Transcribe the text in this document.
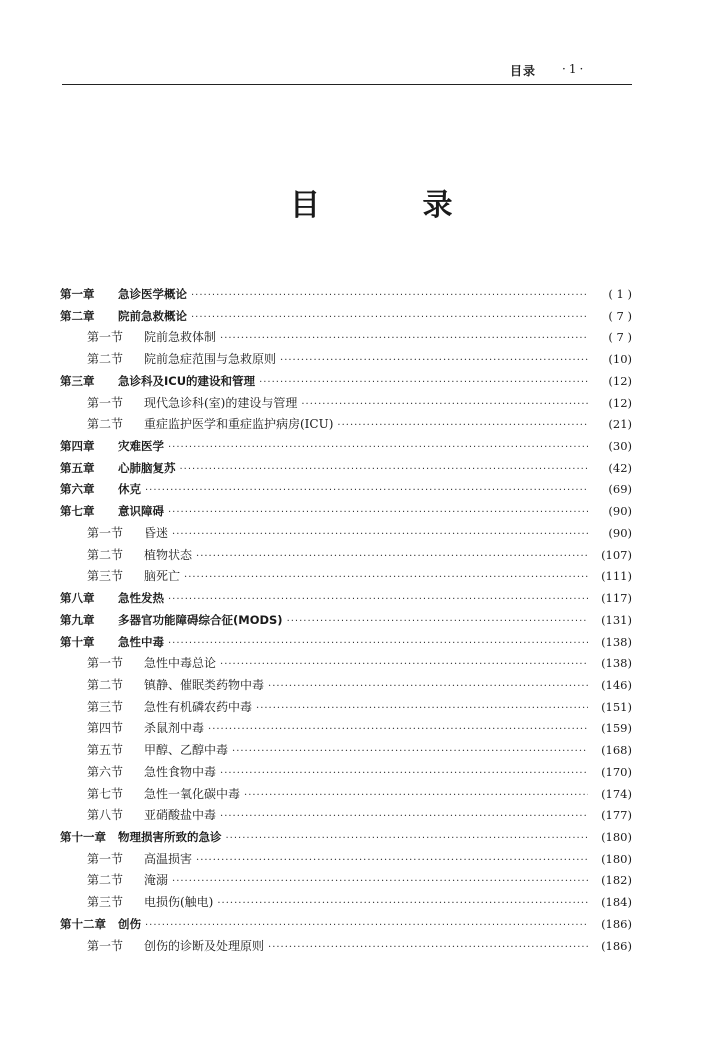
目录 ·1·
目 录
第一章	急诊医学概论 ·····	( 1 )
第二章	院前急救概论 ·····	( 7 )
第一节	院前急救体制 ·····	( 7 )
第二节	院前急症范围与急救原则 ·····	(10)
第三章	急诊科及ICU的建设和管理 ·····	(12)
第一节	现代急诊科(室)的建设与管理 ·····	(12)
第二节	重症监护医学和重症监护病房(ICU) ·····	(21)
第四章	灾难医学 ·····	(30)
第五章	心肺脑复苏 ·····	(42)
第六章	休克 ·····	(69)
第七章	意识障碍 ·····	(90)
第一节	昏迷 ·····	(90)
第二节	植物状态 ·····	(107)
第三节	脑死亡 ·····	(111)
第八章	急性发热 ·····	(117)
第九章	多器官功能障碍综合征(MODS) ·····	(131)
第十章	急性中毒 ·····	(138)
第一节	急性中毒总论 ·····	(138)
第二节	镇静、催眠类药物中毒 ·····	(146)
第三节	急性有机磷农药中毒 ·····	(151)
第四节	杀鼠剂中毒 ·····	(159)
第五节	甲醇、乙醇中毒 ·····	(168)
第六节	急性食物中毒 ·····	(170)
第七节	急性一氧化碳中毒 ·····	(174)
第八节	亚硝酸盐中毒 ·····	(177)
第十一章	物理损害所致的急诊 ·····	(180)
第一节	高温损害 ·····	(180)
第二节	淹溺 ·····	(182)
第三节	电损伤(触电) ·····	(184)
第十二章	创伤 ·····	(186)
第一节	创伤的诊断及处理原则 ·····	(186)
